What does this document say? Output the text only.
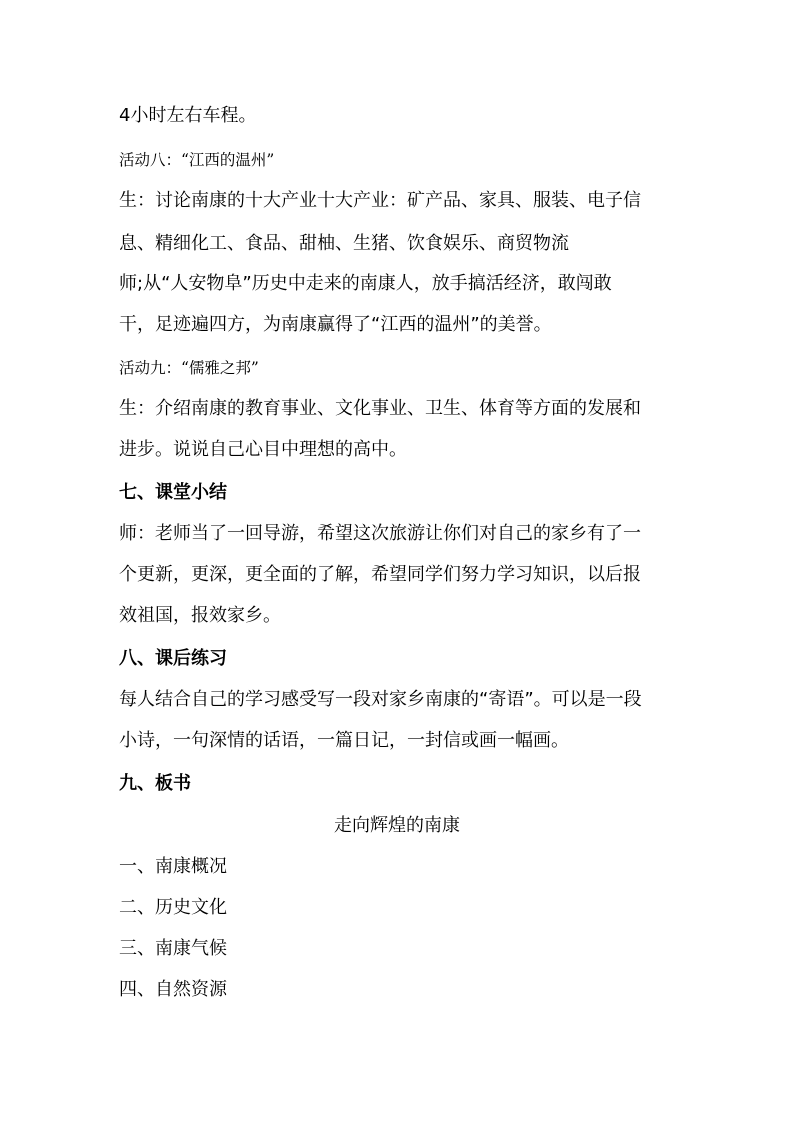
4小时左右车程。
活动八：“江西的温州”
生：讨论南康的十大产业十大产业：矿产品、家具、服装、电子信
息、精细化工、食品、甜柚、生猪、饮食娱乐、商贸物流
师;从“人安物阜”历史中走来的南康人，放手搞活经济，敢闯敢
干，足迹遍四方，为南康赢得了“江西的温州”的美誉。
活动九：“儒雅之邦”
生：介绍南康的教育事业、文化事业、卫生、体育等方面的发展和
进步。说说自己心目中理想的高中。
七、课堂小结
师：老师当了一回导游，希望这次旅游让你们对自己的家乡有了一
个更新，更深，更全面的了解，希望同学们努力学习知识，以后报
效祖国，报效家乡。
八、课后练习
每人结合自己的学习感受写一段对家乡南康的“寄语”。可以是一段
小诗，一句深情的话语，一篇日记，一封信或画一幅画。
九、板书
走向辉煌的南康
一、南康概况
二、历史文化
三、南康气候
四、自然资源
